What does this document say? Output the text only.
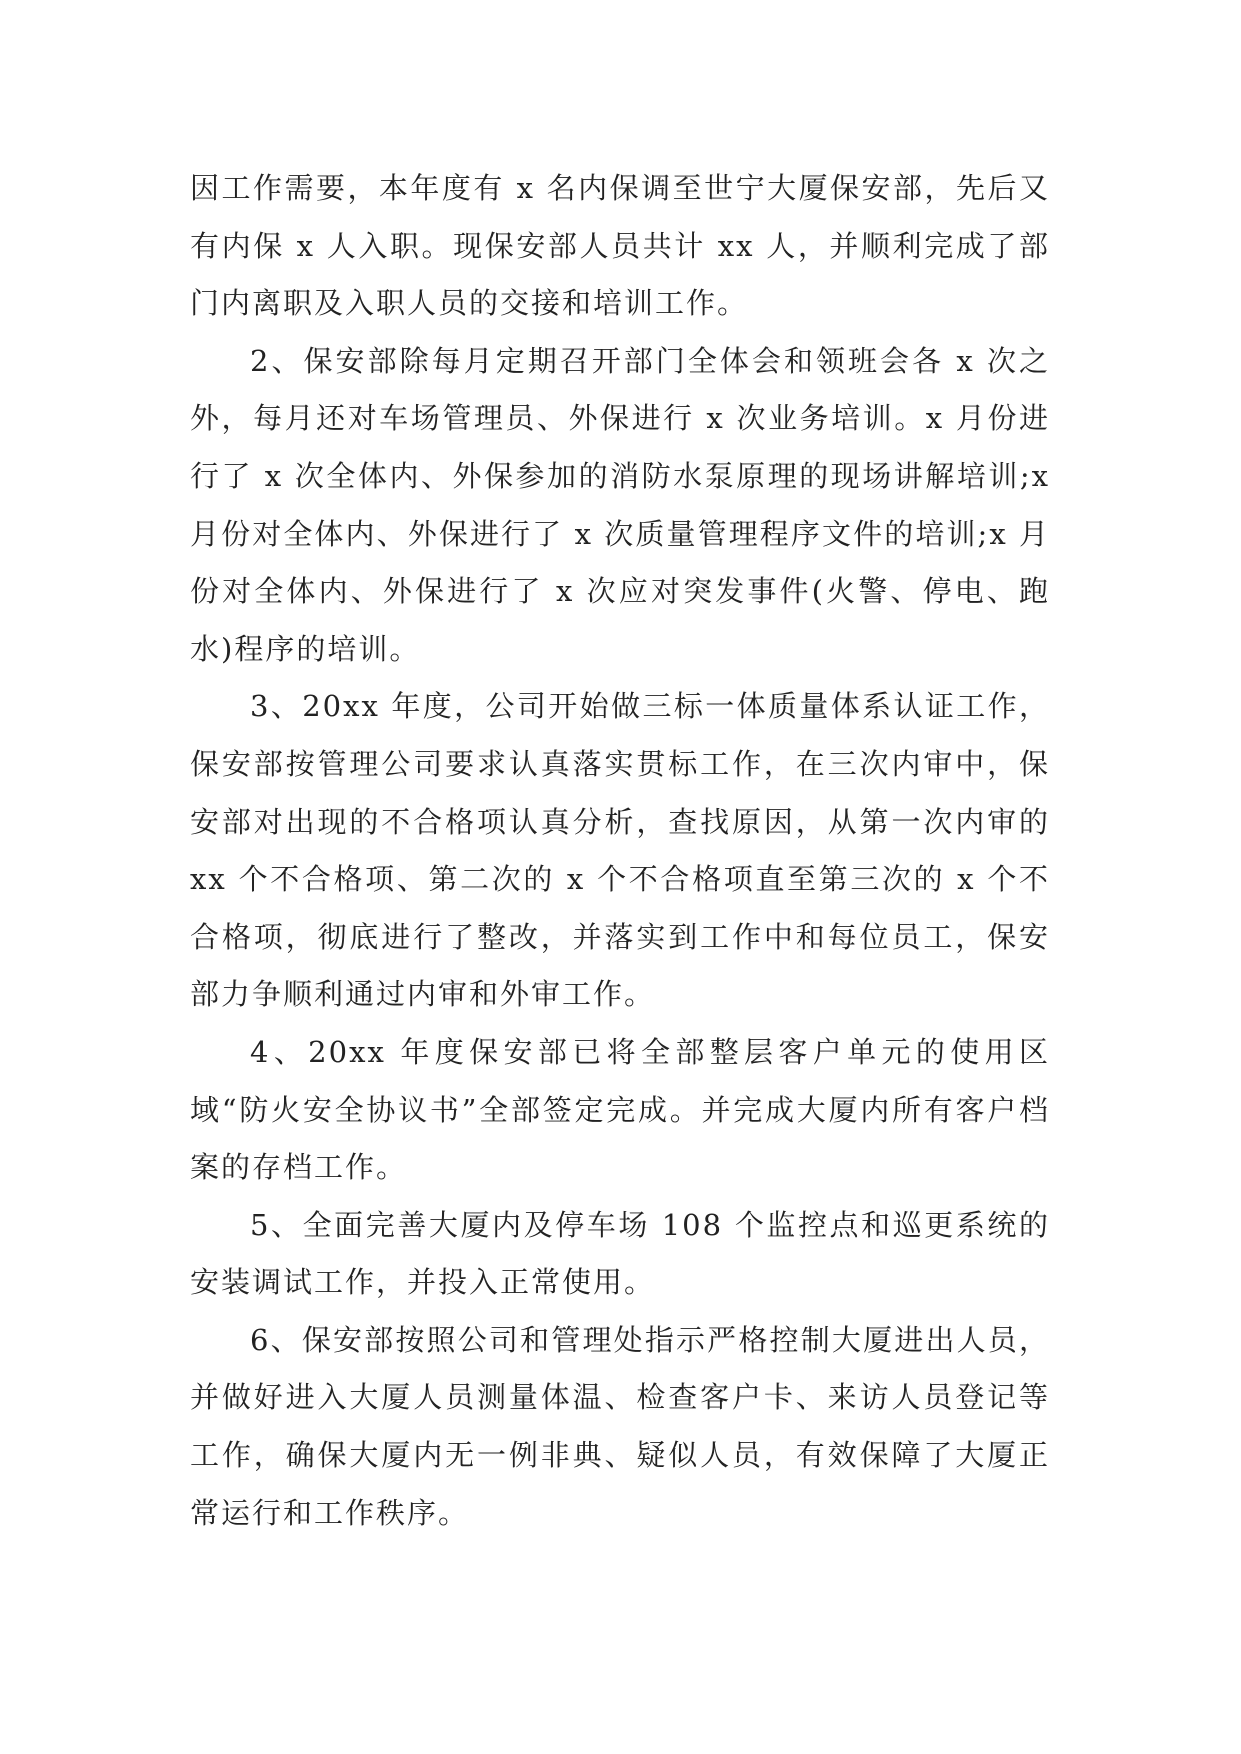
因工作需要，本年度有 x 名内保调至世宁大厦保安部，先后又有内保 x 人入职。现保安部人员共计 xx 人，并顺利完成了部门内离职及入职人员的交接和培训工作。

2、保安部除每月定期召开部门全体会和领班会各 x 次之外，每月还对车场管理员、外保进行 x 次业务培训。x 月份进行了 x 次全体内、外保参加的消防水泵原理的现场讲解培训;x 月份对全体内、外保进行了 x 次质量管理程序文件的培训;x 月份对全体内、外保进行了 x 次应对突发事件(火警、停电、跑水)程序的培训。

3、20xx 年度，公司开始做三标一体质量体系认证工作，保安部按管理公司要求认真落实贯标工作，在三次内审中，保安部对出现的不合格项认真分析，查找原因，从第一次内审的 xx 个不合格项、第二次的 x 个不合格项直至第三次的 x 个不合格项，彻底进行了整改，并落实到工作中和每位员工，保安部力争顺利通过内审和外审工作。

4、20xx 年度保安部已将全部整层客户单元的使用区域“防火安全协议书”全部签定完成。并完成大厦内所有客户档案的存档工作。

5、全面完善大厦内及停车场 108 个监控点和巡更系统的安装调试工作，并投入正常使用。

6、保安部按照公司和管理处指示严格控制大厦进出人员，并做好进入大厦人员测量体温、检查客户卡、来访人员登记等工作，确保大厦内无一例非典、疑似人员，有效保障了大厦正常运行和工作秩序。
